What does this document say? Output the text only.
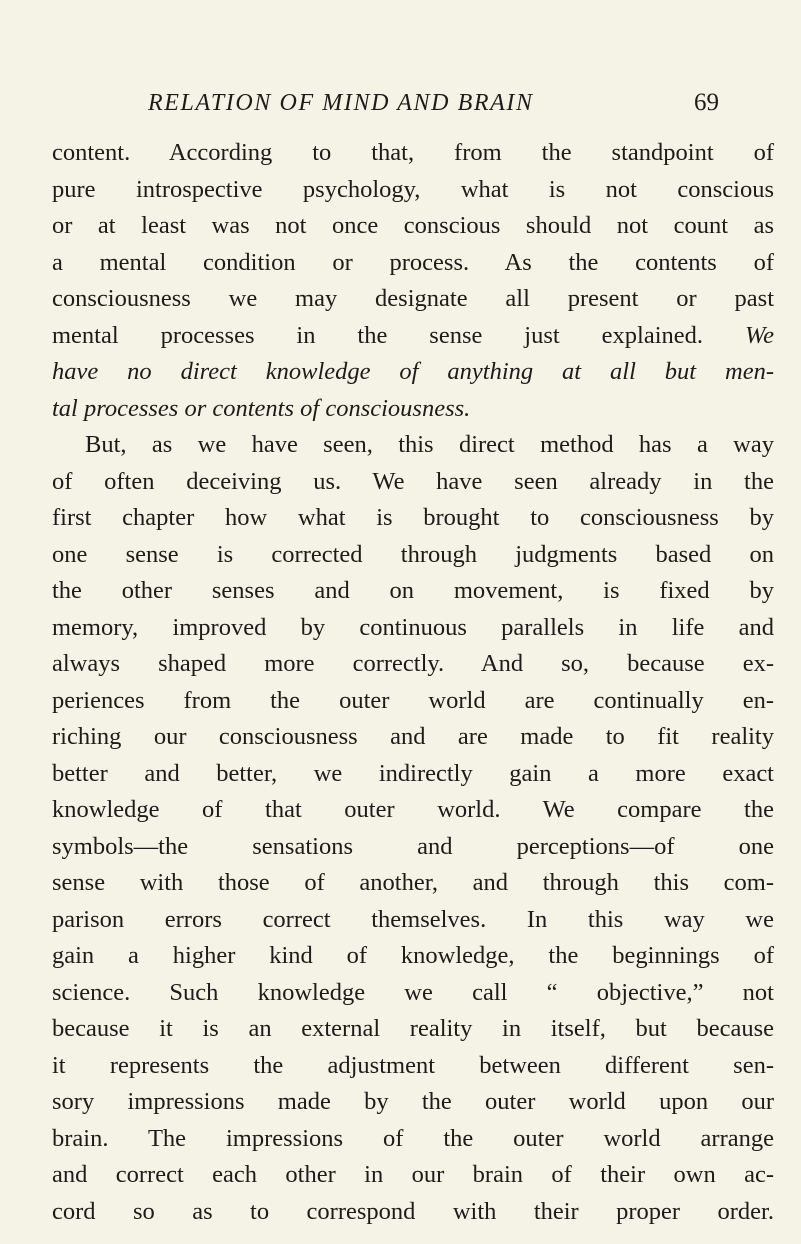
RELATION OF MIND AND BRAIN	69
content. According to that, from the standpoint of
pure introspective psychology, what is not conscious
or at least was not once conscious should not count as
a mental condition or process. As the contents of
consciousness we may designate all present or past
mental processes in the sense just explained. We
have no direct knowledge of anything at all but men-
tal processes or contents of consciousness.
But, as we have seen, this direct method has a way
of often deceiving us. We have seen already in the
first chapter how what is brought to consciousness by
one sense is corrected through judgments based on
the other senses and on movement, is fixed by
memory, improved by continuous parallels in life and
always shaped more correctly. And so, because ex-
periences from the outer world are continually en-
riching our consciousness and are made to fit reality
better and better, we indirectly gain a more exact
knowledge of that outer world. We compare the
symbols—the sensations and perceptions—of one
sense with those of another, and through this com-
parison errors correct themselves. In this way we
gain a higher kind of knowledge, the beginnings of
science. Such knowledge we call “ objective,” not
because it is an external reality in itself, but because
it represents the adjustment between different sen-
sory impressions made by the outer world upon our
brain. The impressions of the outer world arrange
and correct each other in our brain of their own ac-
cord so as to correspond with their proper order.
